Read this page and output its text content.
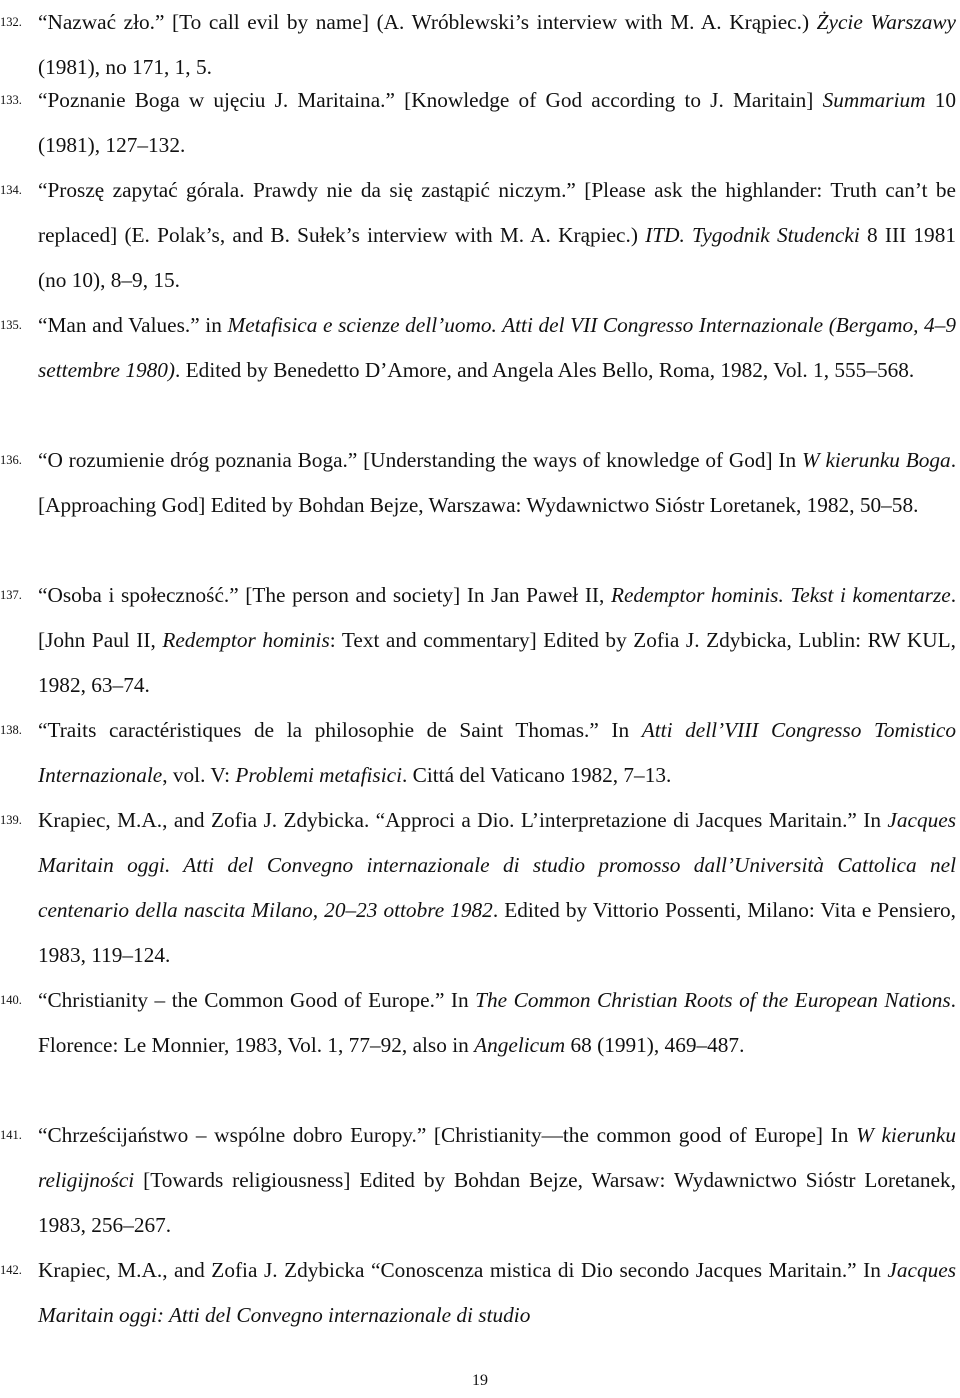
132. “Nazwać zło.” [To call evil by name] (A. Wróblewski’s interview with M. A. Krąpiec.) Życie Warszawy (1981), no 171, 1, 5.
133. “Poznanie Boga w ujęciu J. Maritaina.” [Knowledge of God according to J. Maritain] Summarium 10 (1981), 127–132.
134. “Proszę zapytać górala. Prawdy nie da się zastąpić niczym.” [Please ask the highlander: Truth can’t be replaced] (E. Polak’s, and B. Sułek’s interview with M. A. Krąpiec.) ITD. Tygodnik Studencki 8 III 1981 (no 10), 8–9, 15.
135. “Man and Values.” in Metafisica e scienze dell’uomo. Atti del VII Congresso Internazionale (Bergamo, 4–9 settembre 1980). Edited by Benedetto D’Amore, and Angela Ales Bello, Roma, 1982, Vol. 1, 555–568.
136. “O rozumienie dróg poznania Boga.” [Understanding the ways of knowledge of God] In W kierunku Boga. [Approaching God] Edited by Bohdan Bejze, Warszawa: Wydawnictwo Sióstr Loretanek, 1982, 50–58.
137. “Osoba i społeczność.” [The person and society] In Jan Paweł II, Redemptor hominis. Tekst i komentarze. [John Paul II, Redemptor hominis: Text and commentary] Edited by Zofia J. Zdybicka, Lublin: RW KUL, 1982, 63–74.
138. “Traits caractéristiques de la philosophie de Saint Thomas.” In Atti dell’VIII Congresso Tomistico Internazionale, vol. V: Problemi metafisici. Cittá del Vaticano 1982, 7–13.
139. Krapiec, M.A., and Zofia J. Zdybicka. “Approci a Dio. L’interpretazione di Jacques Maritain.” In Jacques Maritain oggi. Atti del Convegno internazionale di studio promosso dall’Università Cattolica nel centenario della nascita Milano, 20–23 ottobre 1982. Edited by Vittorio Possenti, Milano: Vita e Pensiero, 1983, 119–124.
140. “Christianity – the Common Good of Europe.” In The Common Christian Roots of the European Nations. Florence: Le Monnier, 1983, Vol. 1, 77–92, also in Angelicum 68 (1991), 469–487.
141. “Chrześcijaństwo – wspólne dobro Europy.” [Christianity—the common good of Europe] In W kierunku religijności [Towards religiousness] Edited by Bohdan Bejze, Warsaw: Wydawnictwo Sióstr Loretanek, 1983, 256–267.
142. Krapiec, M.A., and Zofia J. Zdybicka “Conoscenza mistica di Dio secondo Jacques Maritain.” In Jacques Maritain oggi: Atti del Convegno internazionale di studio
19
